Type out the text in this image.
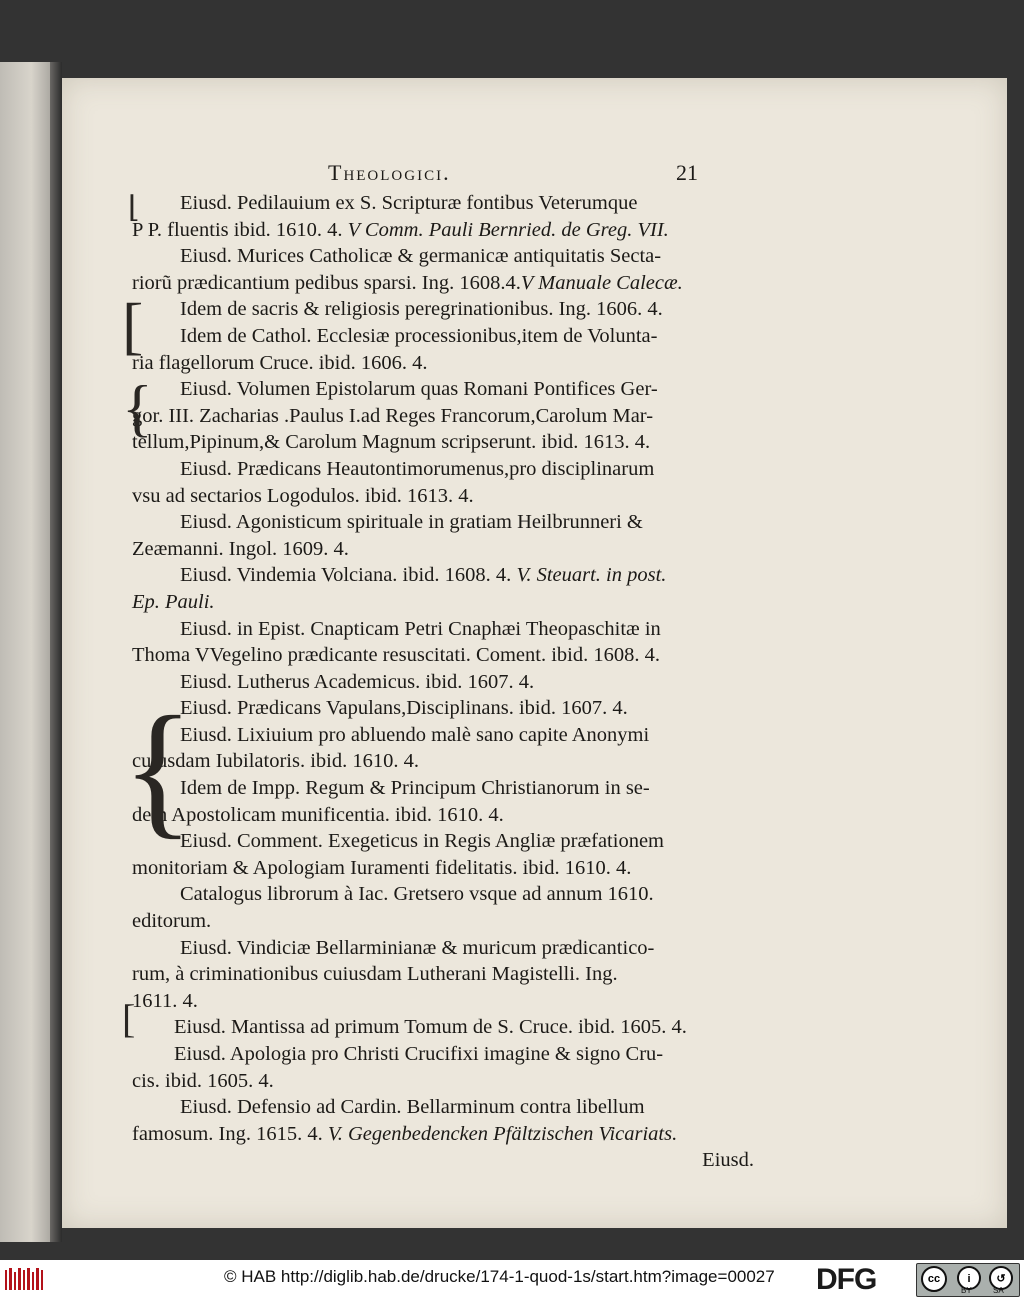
Theologici.	21
Eiusd. Pedilauium ex S. Scripturæ fontibus Veterumque
P P. fluentis ibid. 1610. 4. V Comm. Pauli Bernried. de Greg. VII.
Eiusd. Murices Catholicæ & germanicæ antiquitatis Secta-
riorũ prædicantium pedibus sparsi. Ing. 1608.4.V Manuale Calecæ.
Idem de sacris & religiosis peregrinationibus. Ing. 1606. 4.
Idem de Cathol. Ecclesiæ processionibus,item de Volunta-
ria flagellorum Cruce. ibid. 1606. 4.
Eiusd. Volumen Epistolarum quas Romani Pontifices Ger-
gor. III. Zacharias .Paulus I.ad Reges Francorum,Carolum Mar-
tellum,Pipinum,& Carolum Magnum scripserunt. ibid. 1613. 4.
Eiusd. Prædicans Heautontimorumenus,pro disciplinarum
vsu ad sectarios Logodulos. ibid. 1613. 4.
Eiusd. Agonisticum spirituale in gratiam Heilbrunneri &
Zeæmanni. Ingol. 1609. 4.
Eiusd. Vindemia Volciana. ibid. 1608. 4. V. Steuart. in post.
Ep. Pauli.
Eiusd. in Epist. Cnapticam Petri Cnaphæi Theopaschitæ in
Thoma VVegelino prædicante resuscitati. Coment. ibid. 1608. 4.
Eiusd. Lutherus Academicus. ibid. 1607. 4.
Eiusd. Prædicans Vapulans,Disciplinans. ibid. 1607. 4.
Eiusd. Lixiuium pro abluendo malè sano capite Anonymi
cuiusdam Iubilatoris. ibid. 1610. 4.
Idem de Impp. Regum & Principum Christianorum in se-
dem Apostolicam munificentia. ibid. 1610. 4.
Eiusd. Comment. Exegeticus in Regis Angliæ præfationem
monitoriam & Apologiam Iuramenti fidelitatis. ibid. 1610. 4.
Catalogus librorum à Iac. Gretsero vsque ad annum 1610.
editorum.
Eiusd. Vindiciæ Bellarminianæ & muricum prædicantico-
rum, à criminationibus cuiusdam Lutherani Magistelli. Ing.
1611. 4.
Eiusd. Mantissa ad primum Tomum de S. Cruce. ibid. 1605. 4.
Eiusd. Apologia pro Christi Crucifixi imagine & signo Cru-
cis. ibid. 1605. 4.
Eiusd. Defensio ad Cardin. Bellarminum contra libellum
famosum. Ing. 1615. 4. V. Gegenbedencken Pfältzischen Vicariats.
Eiusd.
⌊
[
{
{
[
© HAB http://diglib.hab.de/drucke/174-1-quod-1s/start.htm?image=00027 DFG	cc	i	↺
BY	SA
